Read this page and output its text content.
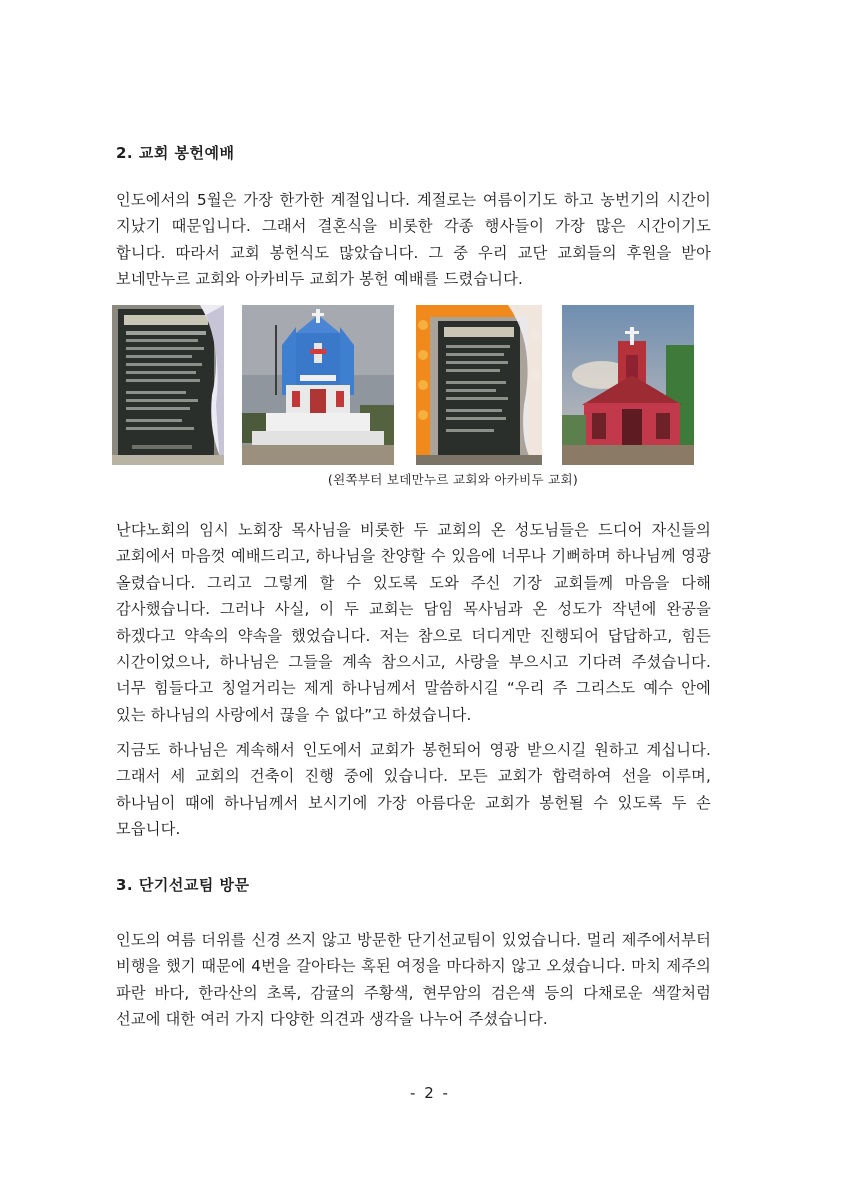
2. 교회 봉헌예배

인도에서의 5월은 가장 한가한 계절입니다. 계절로는 여름이기도 하고 농번기의 시간이 지났기 때문입니다. 그래서 결혼식을 비롯한 각종 행사들이 가장 많은 시간이기도 합니다. 따라서 교회 봉헌식도 많았습니다. 그 중 우리 교단 교회들의 후원을 받아 보네만누르 교회와 아카비두 교회가 봉헌 예배를 드렸습니다.

(왼쪽부터 보데만누르 교회와 아카비두 교회)

난댜노회의 임시 노회장 목사님을 비롯한 두 교회의 온 성도님들은 드디어 자신들의 교회에서 마음껏 예배드리고, 하나님을 찬양할 수 있음에 너무나 기뻐하며 하나님께 영광 올렸습니다. 그리고 그렇게 할 수 있도록 도와 주신 기장 교회들께 마음을 다해 감사했습니다. 그러나 사실, 이 두 교회는 담임 목사님과 온 성도가 작년에 완공을 하겠다고 약속의 약속을 했었습니다. 저는 참으로 더디게만 진행되어 답답하고, 힘든 시간이었으나, 하나님은 그들을 계속 참으시고, 사랑을 부으시고 기다려 주셨습니다. 너무 힘들다고 칭얼거리는 제게 하나님께서 말씀하시길 “우리 주 그리스도 예수 안에 있는 하나님의 사랑에서 끊을 수 없다”고 하셨습니다.

지금도 하나님은 계속해서 인도에서 교회가 봉헌되어 영광 받으시길 원하고 계십니다. 그래서 세 교회의 건축이 진행 중에 있습니다. 모든 교회가 합력하여 선을 이루며, 하나님이 때에 하나님께서 보시기에 가장 아름다운 교회가 봉헌될 수 있도록 두 손 모읍니다.

3. 단기선교팀 방문

인도의 여름 더위를 신경 쓰지 않고 방문한 단기선교팀이 있었습니다. 멀리 제주에서부터 비행을 했기 때문에 4번을 갈아타는 혹된 여정을 마다하지 않고 오셨습니다. 마치 제주의 파란 바다, 한라산의 초록, 감귤의 주황색, 현무암의 검은색 등의 다채로운 색깔처럼 선교에 대한 여러 가지 다양한 의견과 생각을 나누어 주셨습니다.

- 2 -
